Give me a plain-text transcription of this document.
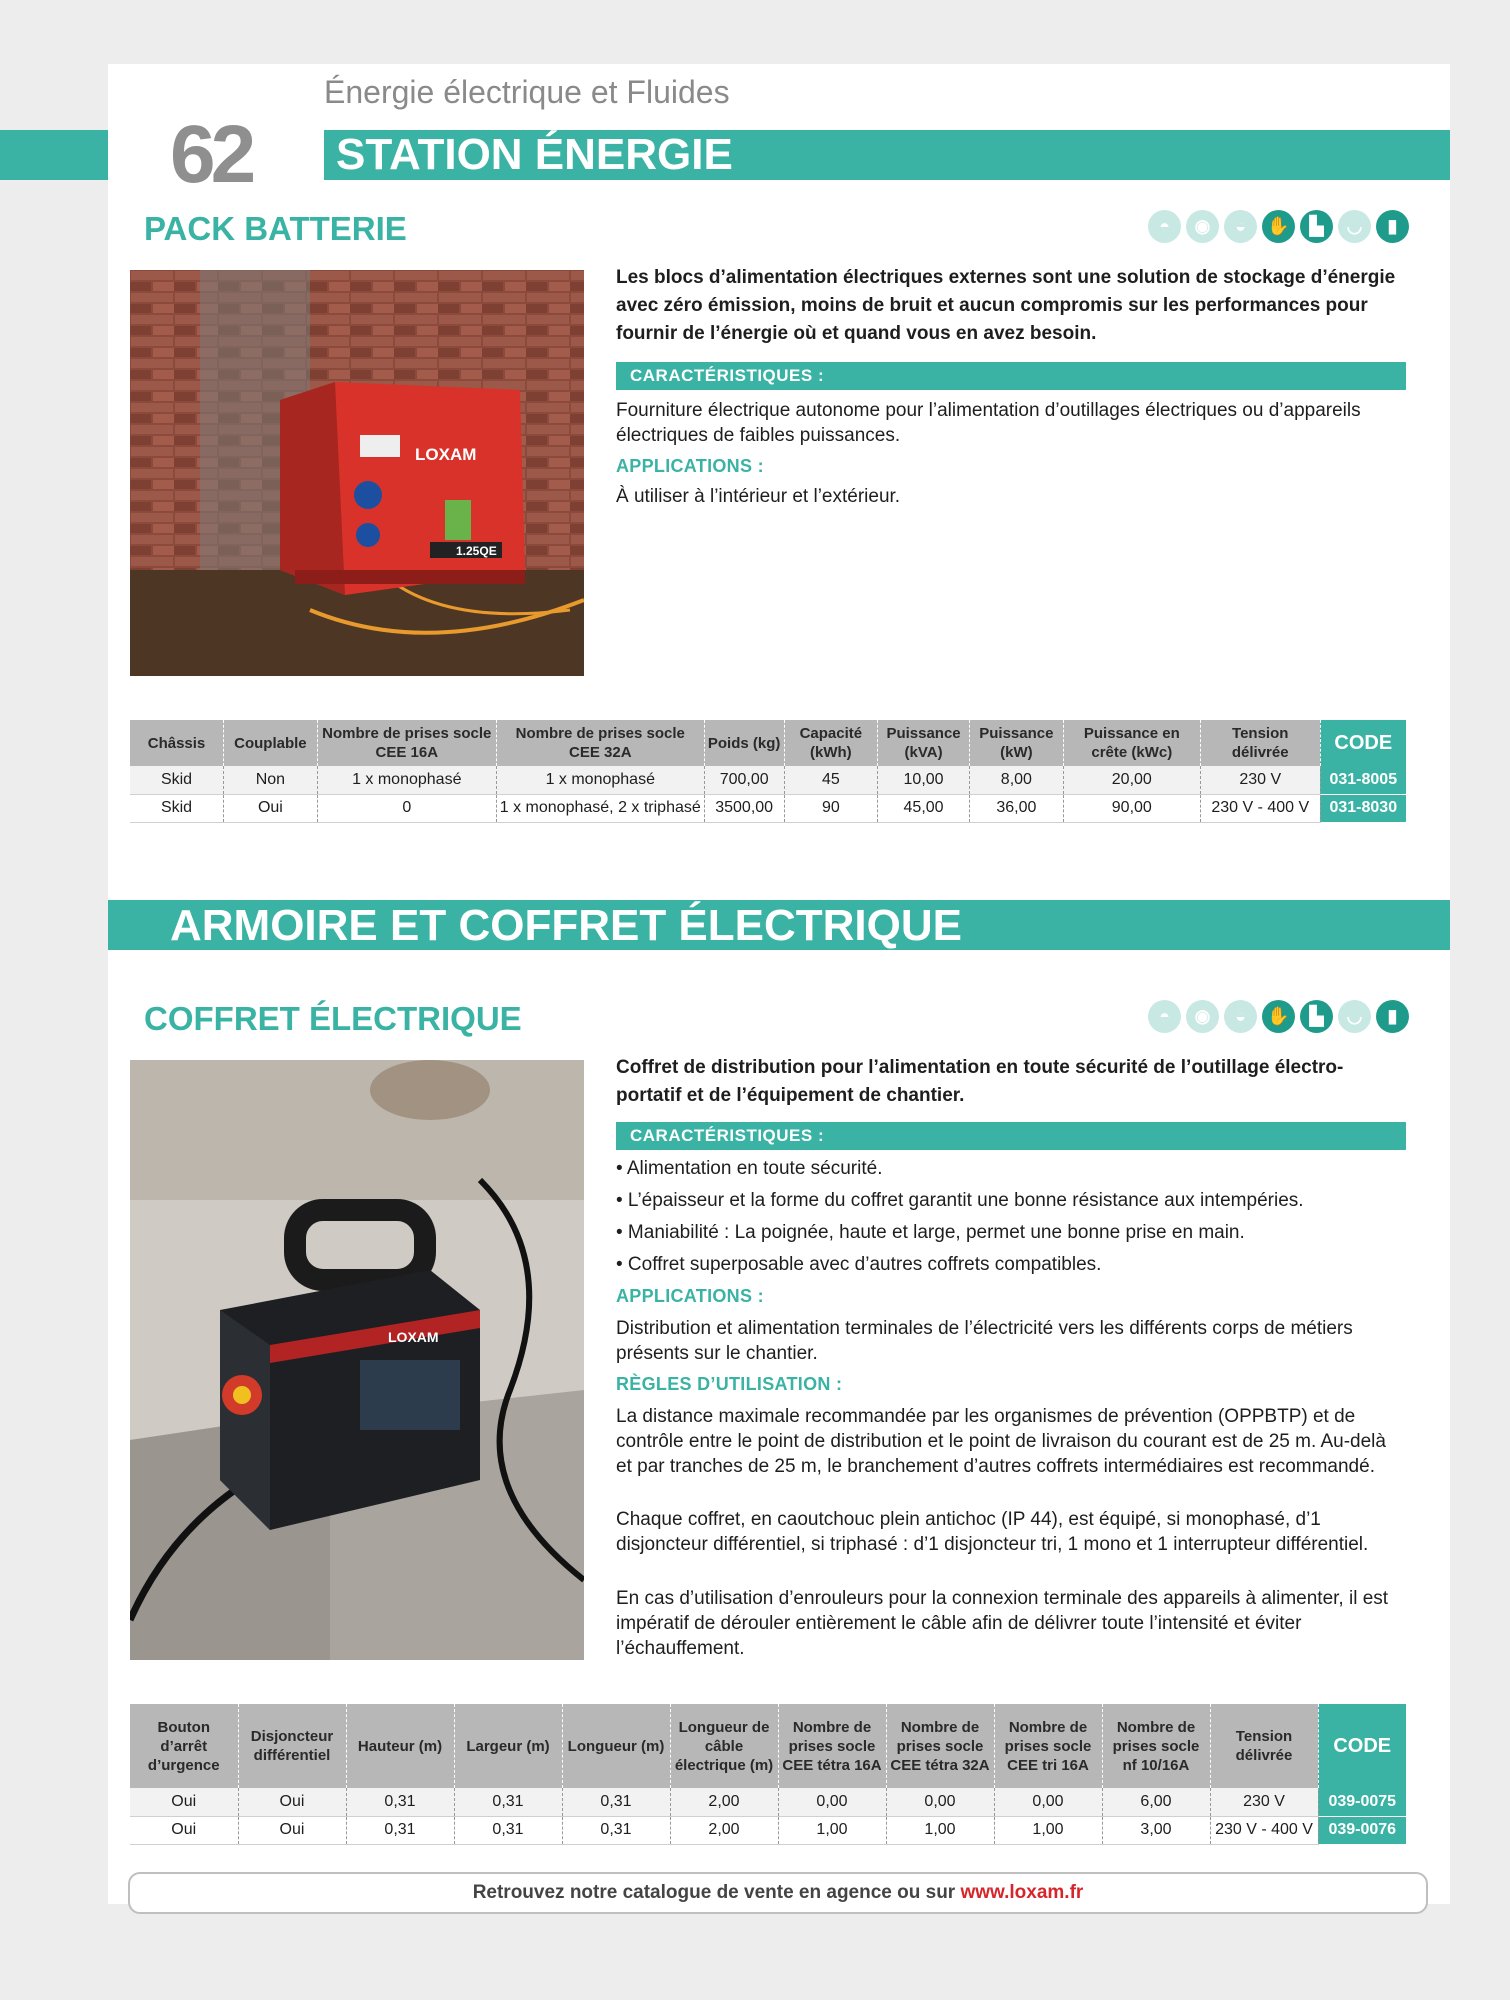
62
Énergie électrique et Fluides
STATION ÉNERGIE
PACK BATTERIE	◓	◉	◒	✋	▙	◡	▮
1.25QE
LOXAM
Les blocs d’alimentation électriques externes sont une solution de stockage d’énergie avec zéro émission, moins de bruit et aucun compromis sur les performances pour fournir de l’énergie où et quand vous en avez besoin.
CARACTÉRISTIQUES :
Fourniture électrique autonome pour l’alimentation d’outillages électriques ou d’appareils électriques de faibles puissances.
APPLICATIONS :
À utiliser à l’intérieur et l’extérieur.
Châssis	Couplable	Nombre de prises socle CEE 16A	Nombre de prises socle CEE 32A	Poids (kg)	Capacité (kWh)	Puissance (kVA)	Puissance (kW)	Puissance en crête (kWc)	Tension délivrée	CODE
Skid	Non	1 x monophasé	1 x monophasé	700,00	45	10,00	8,00	20,00	230 V	031-8005
Skid	Oui	0	1 x monophasé, 2 x triphasé	3500,00	90	45,00	36,00	90,00	230 V - 400 V	031-8030
ARMOIRE ET COFFRET ÉLECTRIQUE
COFFRET ÉLECTRIQUE	◓	◉	◒	✋	▙	◡	▮
LOXAM
Coffret de distribution pour l’alimentation en toute sécurité de l’outillage électro-portatif et de l’équipement de chantier.
CARACTÉRISTIQUES :
• Alimentation en toute sécurité.
• L’épaisseur et la forme du coffret garantit une bonne résistance aux intempéries.
• Maniabilité : La poignée, haute et large, permet une bonne prise en main.
• Coffret superposable avec d’autres coffrets compatibles.
APPLICATIONS :
Distribution et alimentation terminales de l’électricité vers les différents corps de métiers présents sur le chantier.
RÈGLES D’UTILISATION :
La distance maximale recommandée par les organismes de prévention (OPPBTP) et de contrôle entre le point de distribution et le point de livraison du courant est de 25 m. Au-delà et par tranches de 25 m, le branchement d’autres coffrets intermédiaires est recommandé.
Chaque coffret, en caoutchouc plein antichoc (IP 44), est équipé, si monophasé, d’1 disjoncteur différentiel, si triphasé : d’1 disjoncteur tri, 1 mono et 1 interrupteur différentiel.
En cas d’utilisation d’enrouleurs pour la connexion terminale des appareils à alimenter, il est impératif de dérouler entièrement le câble afin de délivrer toute l’intensité et éviter l’échauffement.
Bouton d’arrêt d’urgence	Disjoncteur différentiel	Hauteur (m)	Largeur (m)	Longueur (m)	Longueur de câble électrique (m)	Nombre de prises socle CEE tétra 16A	Nombre de prises socle CEE tétra 32A	Nombre de prises socle CEE tri 16A	Nombre de prises socle nf 10/16A	Tension délivrée	CODE
Oui	Oui	0,31	0,31	0,31	2,00	0,00	0,00	0,00	6,00	230 V	039-0075
Oui	Oui	0,31	0,31	0,31	2,00	1,00	1,00	1,00	3,00	230 V - 400 V	039-0076
Retrouvez notre catalogue de vente en agence ou sur www.loxam.fr
